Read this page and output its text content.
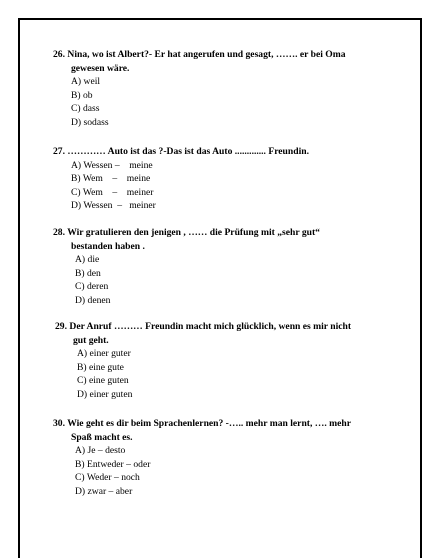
26. Nina, wo ist Albert?- Er hat angerufen und gesagt, ……. er bei Oma
gewesen wäre.
A) weil
B) ob
C) dass
D) sodass
27. ………… Auto ist das ?-Das ist das Auto ............. Freundin.
A) Wessen –    meine
B) Wem    –    meine
C) Wem    –    meiner
D) Wessen  –   meiner
28. Wir gratulieren den jenigen , …… die Prüfung mit „sehr gut“
bestanden haben .
A) die
B) den
C) deren
D) denen
29. Der Anruf ……… Freundin macht mich glücklich, wenn es mir nicht
gut geht.
A) einer guter
B) eine gute
C) eine guten
D) einer guten
30. Wie geht es dir beim Sprachenlernen? -….. mehr man lernt, …. mehr
Spaß macht es.
A) Je – desto
B) Entweder – oder
C) Weder – noch
D) zwar – aber
